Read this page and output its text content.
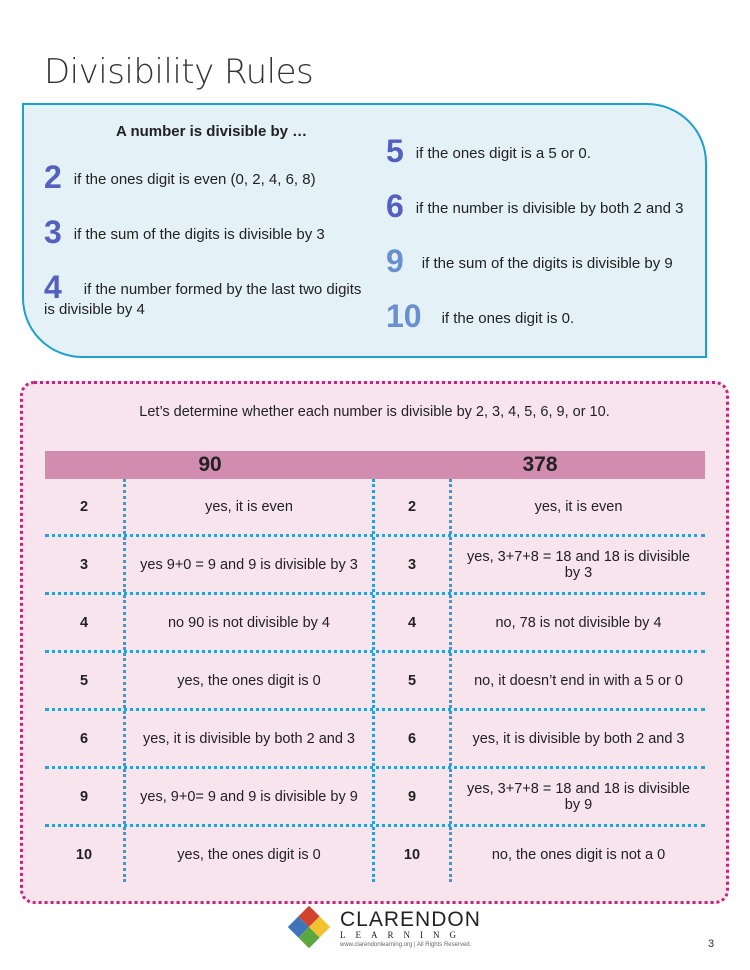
Divisibility Rules
A number is divisible by …
2 if the ones digit is even (0, 2, 4, 6, 8)
3 if the sum of the digits is divisible by 3
4 if the number formed by the last two digits is divisible by 4
5 if the ones digit is a 5 or 0.
6 if the number is divisible by both 2 and 3
9 if the sum of the digits is divisible by 9
10 if the ones digit is 0.
Let’s determine whether each number is divisible by 2, 3, 4, 5, 6, 9, or 10.
90	378
2	yes, it is even	2	yes, it is even
3	yes 9+0 = 9 and 9 is divisible by 3	3	yes, 3+7+8 = 18 and 18 is divisible by 3
4	no 90 is not divisible by 4	4	no, 78 is not divisible by 4
5	yes, the ones digit is 0	5	no, it doesn’t end in with a 5 or 0
6	yes, it is divisible by both 2 and 3	6	yes, it is divisible by both 2 and 3
9	yes, 9+0= 9 and 9 is divisible by 9	9	yes, 3+7+8 = 18 and 18 is divisible by 9
10	yes, the ones digit is 0	10	no, the ones digit is not a 0
CLARENDON
LEARNING
www.clarendonlearning.org | All Rights Reserved.	3
